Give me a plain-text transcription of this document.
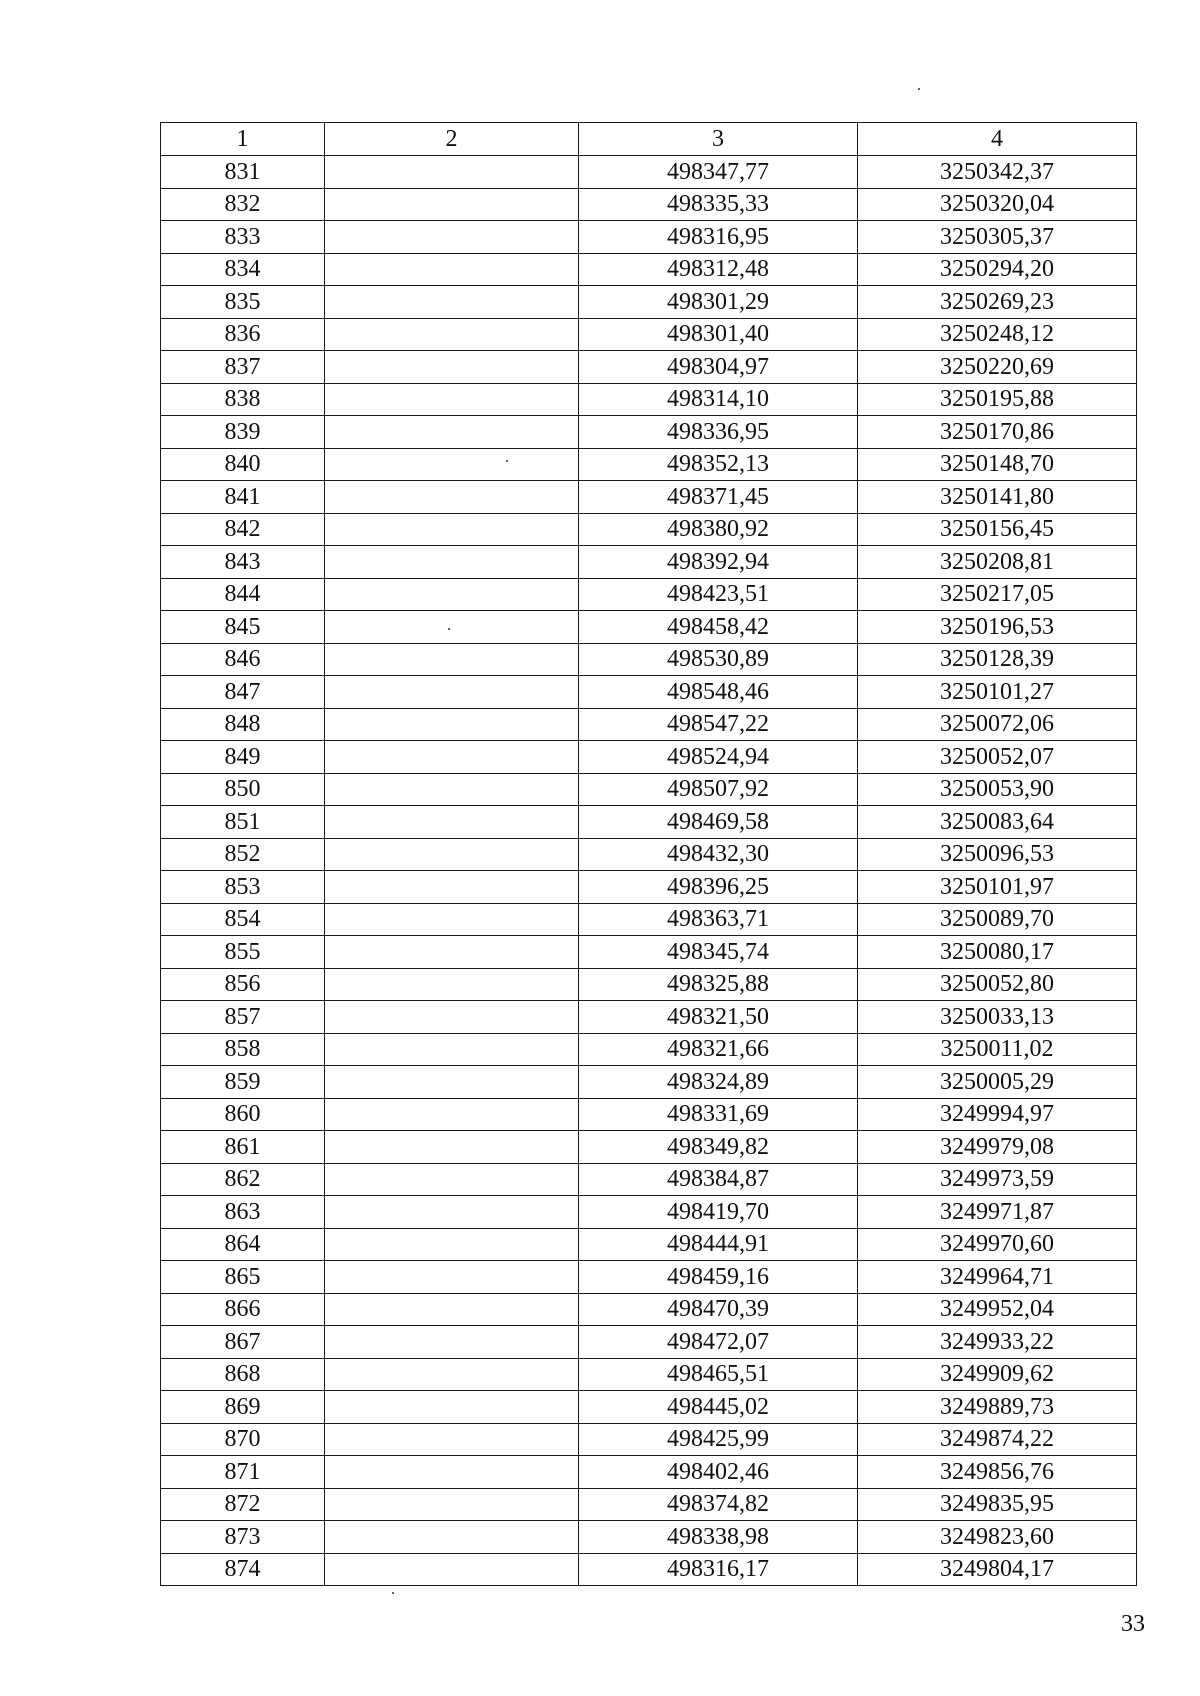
1	2	3	4
831		498347,77	3250342,37
832		498335,33	3250320,04
833		498316,95	3250305,37
834		498312,48	3250294,20
835		498301,29	3250269,23
836		498301,40	3250248,12
837		498304,97	3250220,69
838		498314,10	3250195,88
839		498336,95	3250170,86
840		498352,13	3250148,70
841		498371,45	3250141,80
842		498380,92	3250156,45
843		498392,94	3250208,81
844		498423,51	3250217,05
845		498458,42	3250196,53
846		498530,89	3250128,39
847		498548,46	3250101,27
848		498547,22	3250072,06
849		498524,94	3250052,07
850		498507,92	3250053,90
851		498469,58	3250083,64
852		498432,30	3250096,53
853		498396,25	3250101,97
854		498363,71	3250089,70
855		498345,74	3250080,17
856		498325,88	3250052,80
857		498321,50	3250033,13
858		498321,66	3250011,02
859		498324,89	3250005,29
860		498331,69	3249994,97
861		498349,82	3249979,08
862		498384,87	3249973,59
863		498419,70	3249971,87
864		498444,91	3249970,60
865		498459,16	3249964,71
866		498470,39	3249952,04
867		498472,07	3249933,22
868		498465,51	3249909,62
869		498445,02	3249889,73
870		498425,99	3249874,22
871		498402,46	3249856,76
872		498374,82	3249835,95
873		498338,98	3249823,60
874		498316,17	3249804,17
33
